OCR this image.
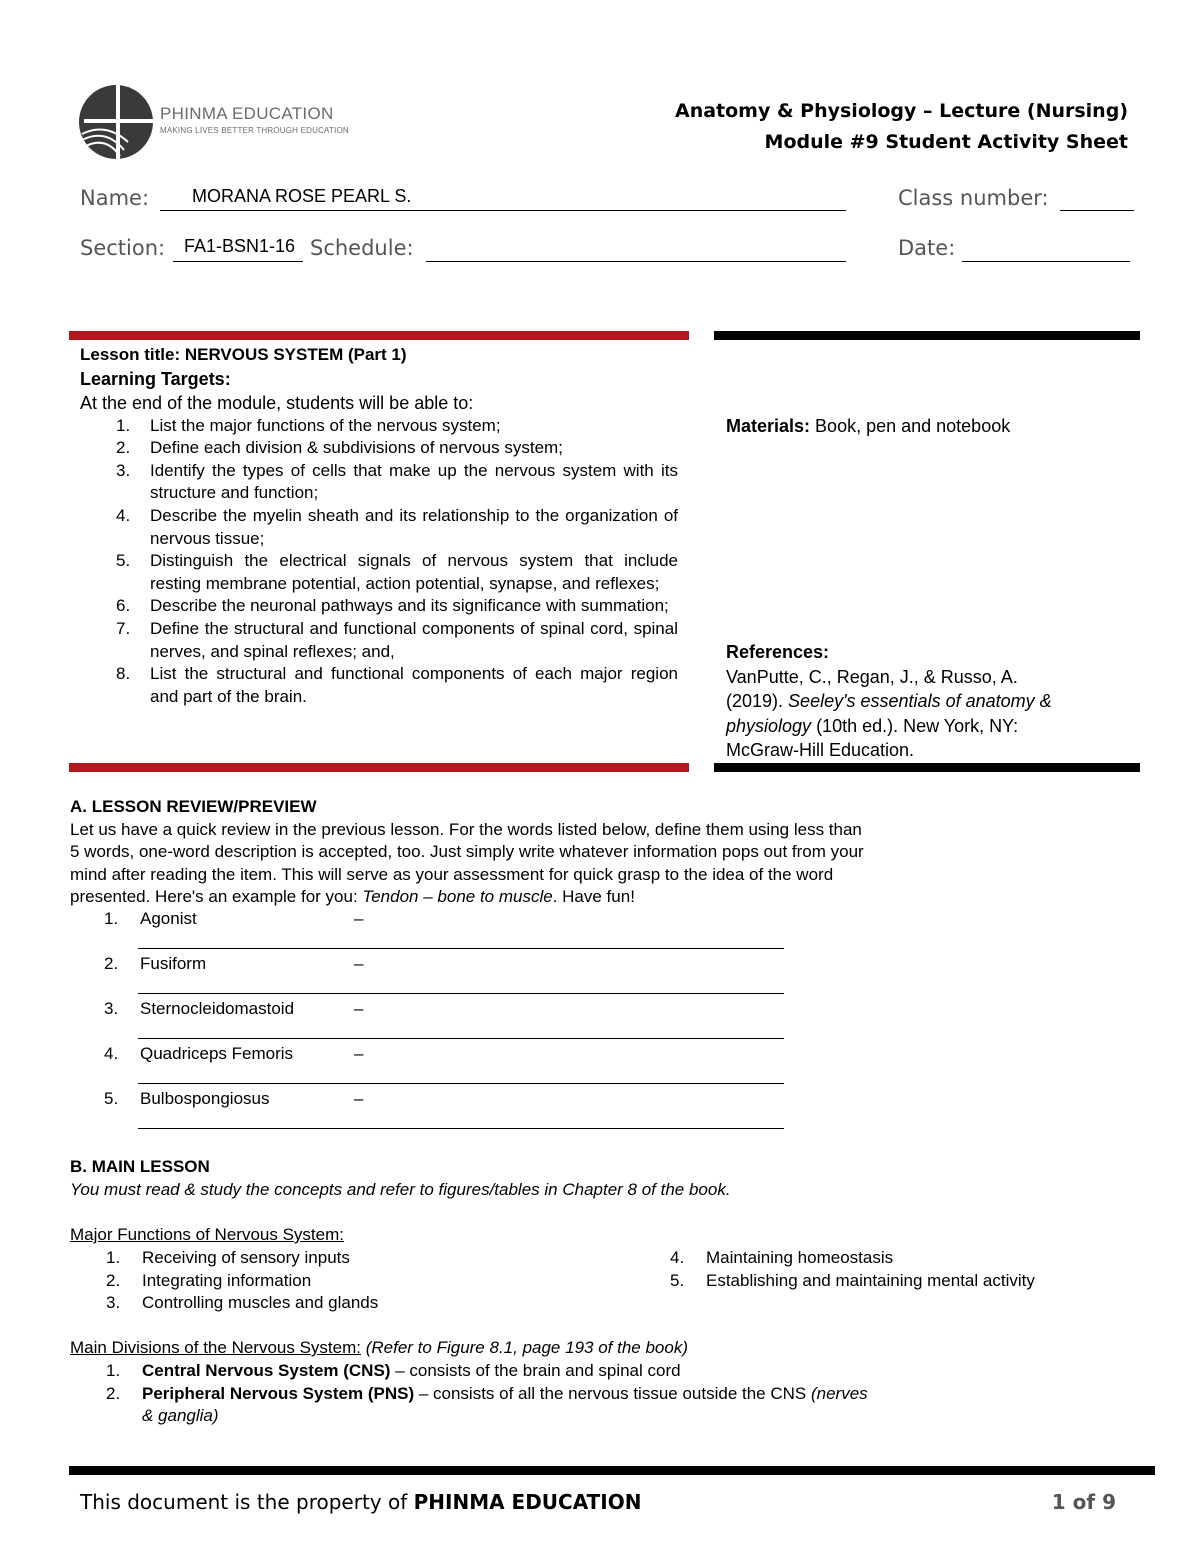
PHINMA EDUCATION
MAKING LIVES BETTER THROUGH EDUCATION
Anatomy & Physiology – Lecture (Nursing)
Module #9 Student Activity Sheet
Name: MORANA ROSE PEARL S.	Class number:
Section: FA1-BSN1-16 Schedule:	Date:
Lesson title: NERVOUS SYSTEM (Part 1)
Learning Targets:
At the end of the module, students will be able to:
1. List the major functions of the nervous system;
2. Define each division & subdivisions of nervous system;
3. Identify the types of cells that make up the nervous system with its structure and function;
4. Describe the myelin sheath and its relationship to the organization of nervous tissue;
5. Distinguish the electrical signals of nervous system that include resting membrane potential, action potential, synapse, and reflexes;
6. Describe the neuronal pathways and its significance with summation;
7. Define the structural and functional components of spinal cord, spinal nerves, and spinal reflexes; and,
8. List the structural and functional components of each major region and part of the brain.
Materials: Book, pen and notebook
References:
VanPutte, C., Regan, J., & Russo, A.
(2019). Seeley's essentials of anatomy &
physiology (10th ed.). New York, NY:
McGraw-Hill Education.
A. LESSON REVIEW/PREVIEW
Let us have a quick review in the previous lesson. For the words listed below, define them using less than
5 words, one-word description is accepted, too. Just simply write whatever information pops out from your
mind after reading the item. This will serve as your assessment for quick grasp to the idea of the word
presented. Here's an example for you: Tendon – bone to muscle. Have fun!
1. Agonist	–
2. Fusiform	–
3. Sternocleidomastoid	–
4. Quadriceps Femoris	–
5. Bulbospongiosus	–
B. MAIN LESSON
You must read & study the concepts and refer to figures/tables in Chapter 8 of the book.
Major Functions of Nervous System:
1. Receiving of sensory inputs
2. Integrating information
3. Controlling muscles and glands
4. Maintaining homeostasis
5. Establishing and maintaining mental activity
Main Divisions of the Nervous System: (Refer to Figure 8.1, page 193 of the book)
1. Central Nervous System (CNS) – consists of the brain and spinal cord
2. Peripheral Nervous System (PNS) – consists of all the nervous tissue outside the CNS (nerves
& ganglia)
This document is the property of PHINMA EDUCATION	1 of 9
